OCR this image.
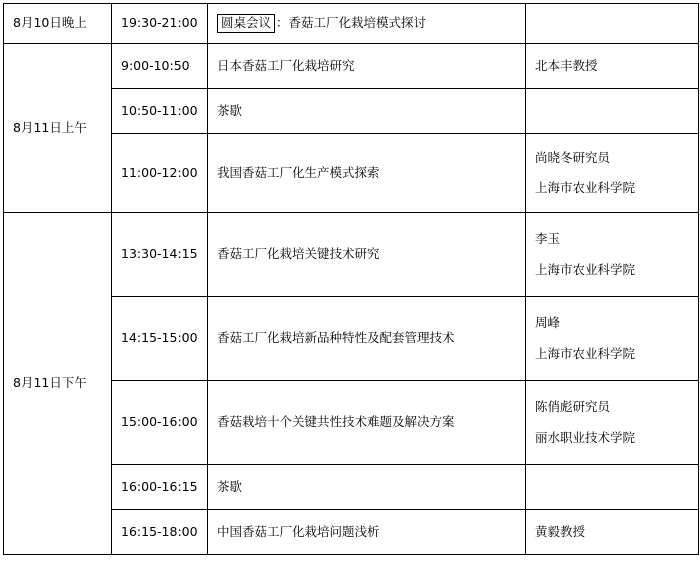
8月10日晚上	19:30-21:00	圆桌会议 ：香菇工厂化栽培模式探讨	
8月11日上午	9:00-10:50	日本香菇工厂化栽培研究	北本丰教授

	10:50-11:00	茶歇	
	11:00-12:00	我国香菇工厂化生产模式探索	尚晓冬研究员
上海市农业科学院

8月11日下午	13:30-14:15	香菇工厂化栽培关键技术研究	李玉
上海市农业科学院

	14:15-15:00	香菇工厂化栽培新品种特性及配套管理技术	周峰
上海市农业科学院

	15:00-16:00	香菇栽培十个关键共性技术难题及解决方案	陈俏彪研究员
丽水职业技术学院

	16:00-16:15	茶歇	
	16:15-18:00	中国香菇工厂化栽培问题浅析	黄毅教授
